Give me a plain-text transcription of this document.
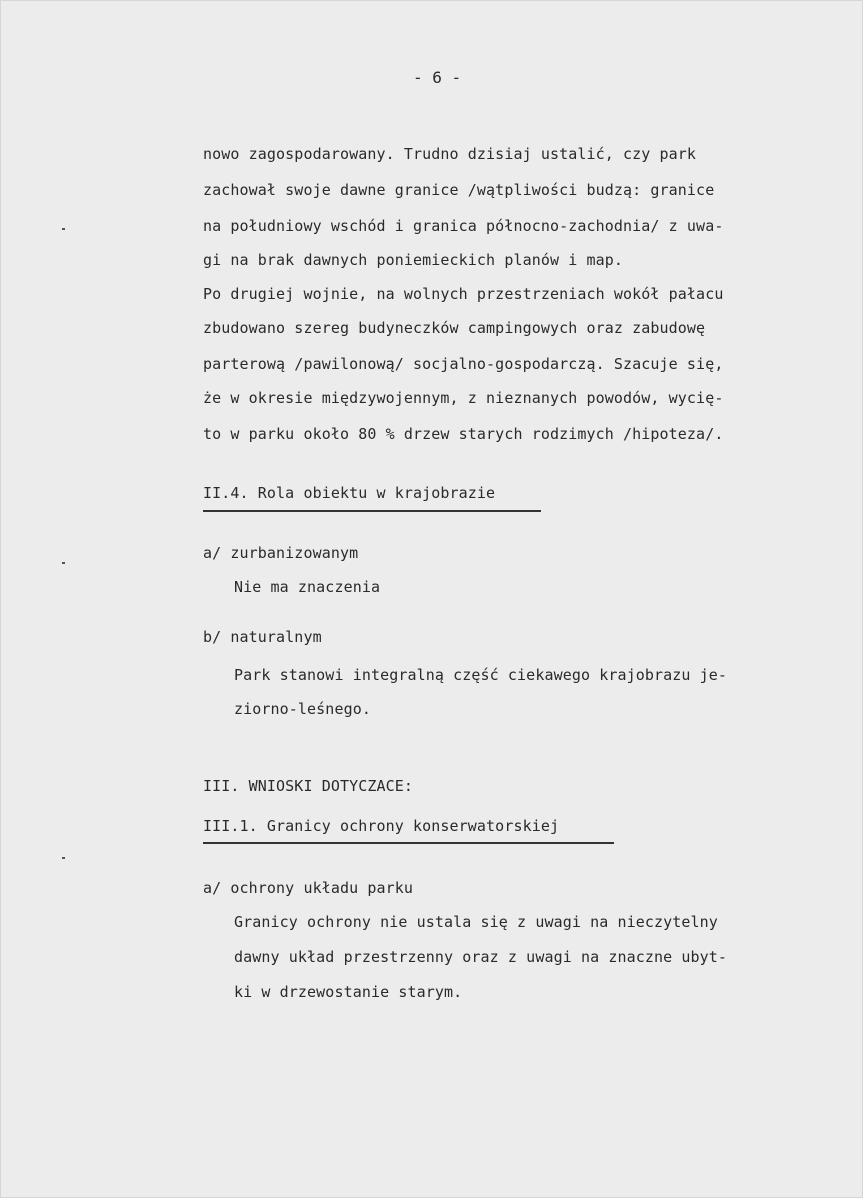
- 6 -
nowo zagospodarowany. Trudno dzisiaj ustalić, czy park
zachował swoje dawne granice /wątpliwości budzą: granice
na południowy wschód i granica północno-zachodnia/ z uwa-
gi na brak dawnych poniemieckich planów i map.
Po drugiej wojnie, na wolnych przestrzeniach wokół pałacu
zbudowano szereg budyneczków campingowych oraz zabudowę
parterową /pawilonową/ socjalno-gospodarczą. Szacuje się,
że w okresie międzywojennym, z nieznanych powodów, wycię-
to w parku około 80 % drzew starych rodzimych /hipoteza/.
II.4. Rola obiektu w krajobrazie
a/ zurbanizowanym
Nie ma znaczenia
b/ naturalnym
Park stanowi integralną część ciekawego krajobrazu je-
ziorno-leśnego.
III. WNIOSKI DOTYCZACE:
III.1. Granicy ochrony konserwatorskiej
a/ ochrony układu parku
Granicy ochrony nie ustala się z uwagi na nieczytelny
dawny układ przestrzenny oraz z uwagi na znaczne ubyt-
ki w drzewostanie starym.
